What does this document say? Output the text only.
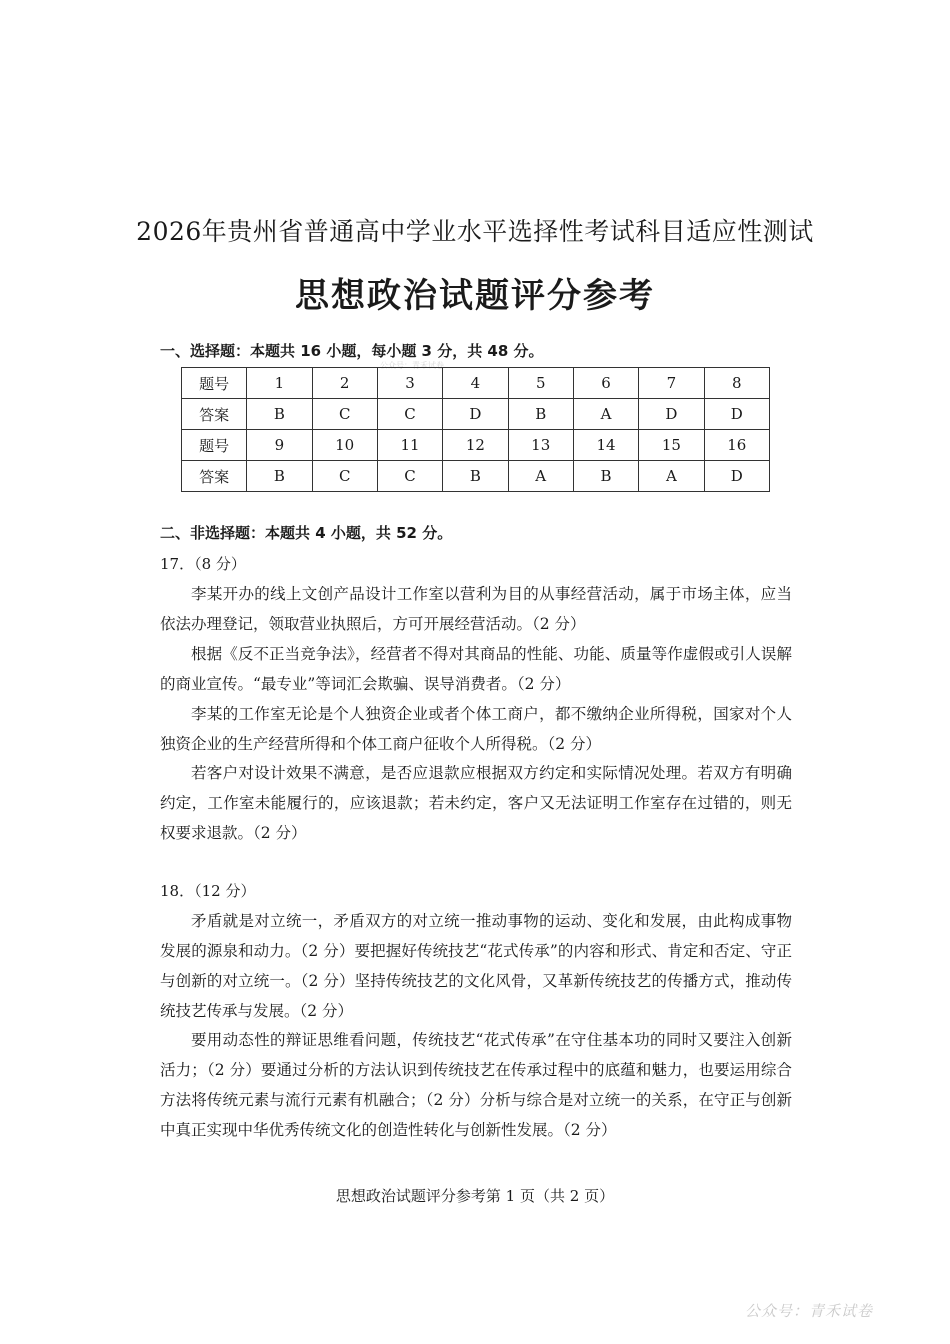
2026年贵州省普通高中学业水平选择性考试科目适应性测试
思想政治试题评分参考
一、选择题：本题共 16 小题，每小题 3 分，共 48 分。
公众号：青禾试卷
题号	1	2	3	4	5	6	7	8
答案	B	C	C	D	B	A	D	D
题号	9	10	11	12	13	14	15	16
答案	B	C	C	B	A	B	A	D
二、非选择题：本题共 4 小题，共 52 分。
17．（8 分）

李某开办的线上文创产品设计工作室以营利为目的从事经营活动，属于市场主体，应当依法办理登记，领取营业执照后，方可开展经营活动。（2 分）

根据《反不正当竞争法》，经营者不得对其商品的性能、功能、质量等作虚假或引人误解的商业宣传。“最专业”等词汇会欺骗、误导消费者。（2 分）

李某的工作室无论是个人独资企业或者个体工商户，都不缴纳企业所得税，国家对个人独资企业的生产经营所得和个体工商户征收个人所得税。（2 分）

若客户对设计效果不满意，是否应退款应根据双方约定和实际情况处理。若双方有明确约定，工作室未能履行的，应该退款；若未约定，客户又无法证明工作室存在过错的，则无权要求退款。（2 分）

18．（12 分）

矛盾就是对立统一，矛盾双方的对立统一推动事物的运动、变化和发展，由此构成事物发展的源泉和动力。（2 分）要把握好传统技艺“花式传承”的内容和形式、肯定和否定、守正与创新的对立统一。（2 分）坚持传统技艺的文化风骨，又革新传统技艺的传播方式，推动传统技艺传承与发展。（2 分）

要用动态性的辩证思维看问题，传统技艺“花式传承”在守住基本功的同时又要注入创新活力；（2 分）要通过分析的方法认识到传统技艺在传承过程中的底蕴和魅力，也要运用综合方法将传统元素与流行元素有机融合；（2 分）分析与综合是对立统一的关系，在守正与创新中真正实现中华优秀传统文化的创造性转化与创新性发展。（2 分）

思想政治试题评分参考第 1 页（共 2 页）
公众号：青禾试卷
